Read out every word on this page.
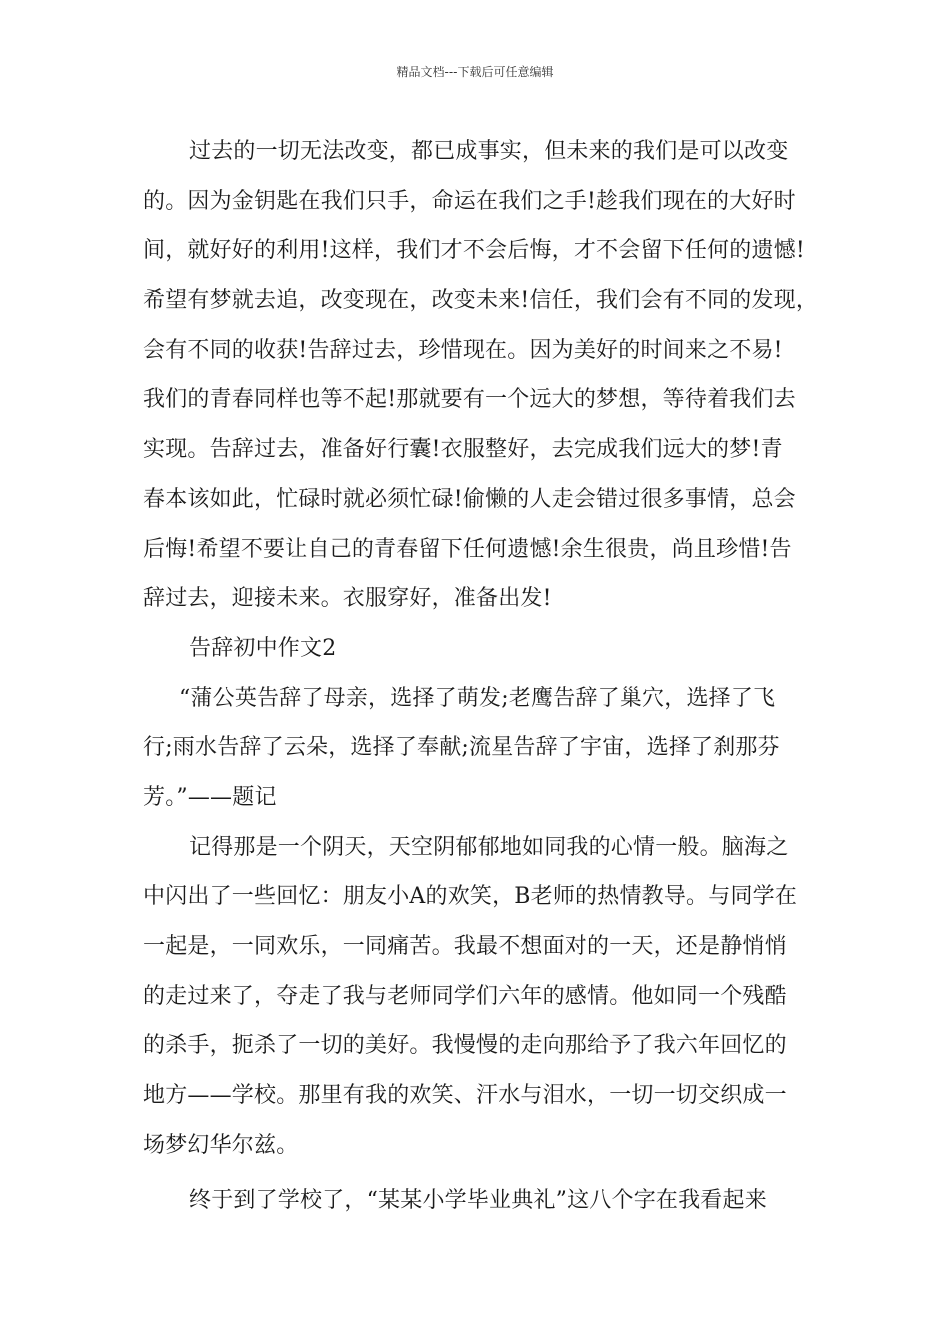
精品文档---下载后可任意编辑
过去的一切无法改变，都已成事实，但未来的我们是可以改变
的。因为金钥匙在我们只手，命运在我们之手!趁我们现在的大好时
间，就好好的利用!这样，我们才不会后悔，才不会留下任何的遗憾!
希望有梦就去追，改变现在，改变未来!信任，我们会有不同的发现，
会有不同的收获!告辞过去，珍惜现在。因为美好的时间来之不易!
我们的青春同样也等不起!那就要有一个远大的梦想，等待着我们去
实现。告辞过去，准备好行囊!衣服整好，去完成我们远大的梦!青
春本该如此，忙碌时就必须忙碌!偷懒的人走会错过很多事情，总会
后悔!希望不要让自己的青春留下任何遗憾!余生很贵，尚且珍惜!告
辞过去，迎接未来。衣服穿好，准备出发!
告辞初中作文2
“蒲公英告辞了母亲，选择了萌发;老鹰告辞了巢穴，选择了飞
行;雨水告辞了云朵，选择了奉献;流星告辞了宇宙，选择了刹那芬
芳。”——题记
记得那是一个阴天，天空阴郁郁地如同我的心情一般。脑海之
中闪出了一些回忆：朋友小A的欢笑，B老师的热情教导。与同学在
一起是，一同欢乐，一同痛苦。我最不想面对的一天，还是静悄悄
的走过来了，夺走了我与老师同学们六年的感情。他如同一个残酷
的杀手，扼杀了一切的美好。我慢慢的走向那给予了我六年回忆的
地方——学校。那里有我的欢笑、汗水与泪水，一切一切交织成一
场梦幻华尔兹。
终于到了学校了，“某某小学毕业典礼”这八个字在我看起来
